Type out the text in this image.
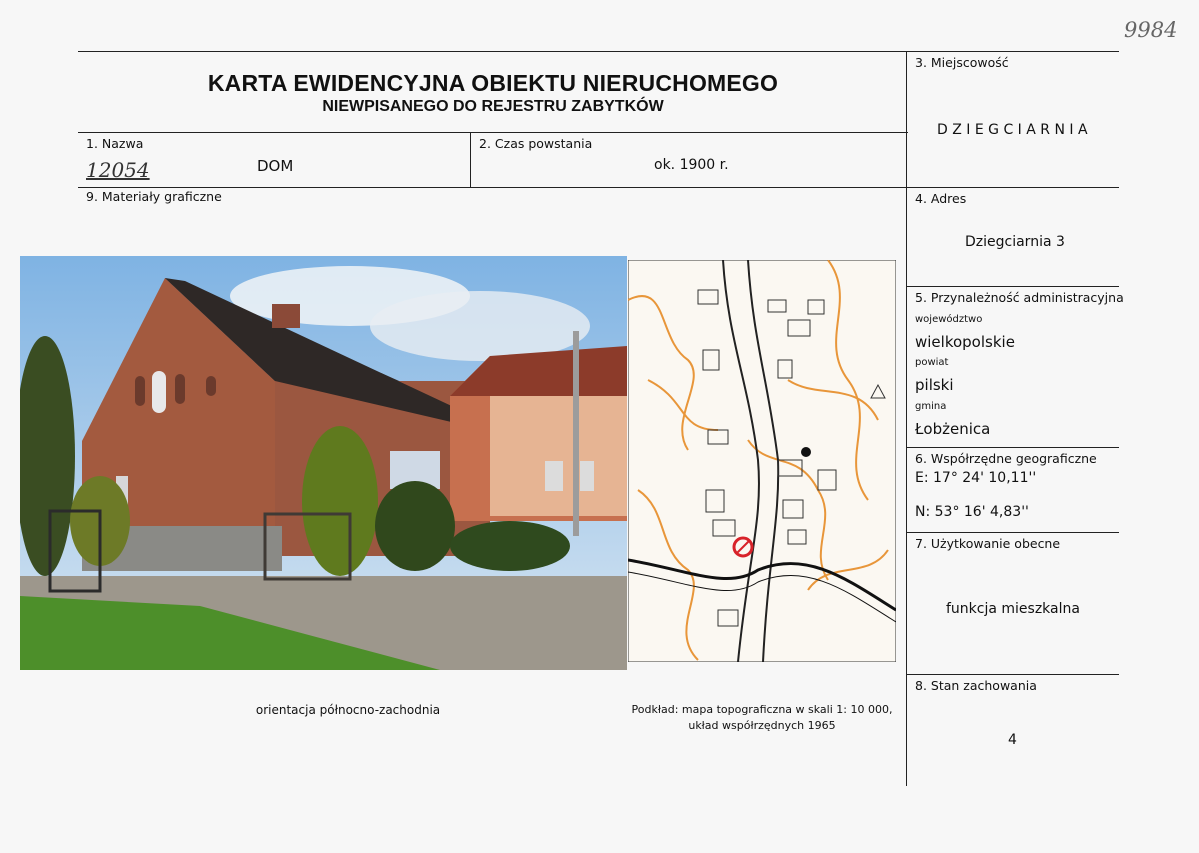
9984
KARTA EWIDENCYJNA OBIEKTU NIERUCHOMEGO
NIEWPISANEGO DO REJESTRU ZABYTKÓW
1. Nazwa
12054	DOM
2. Czas powstania
ok. 1900 r.
9. Materiały graficzne
3. Miejscowość
D Z I E G C I A R N I A
4. Adres
Dziegciarnia 3
5. Przynależność administracyjna
województwo
wielkopolskie
powiat
pilski
gmina
Łobżenica
6. Współrzędne geograficzne
E: 17° 24' 10,11''
N: 53° 16' 4,83''
7. Użytkowanie obecne
funkcja mieszkalna
8. Stan zachowania
4
orientacja północno-zachodnia	Podkład: mapa topograficzna w skali 1: 10 000,
układ współrzędnych 1965
